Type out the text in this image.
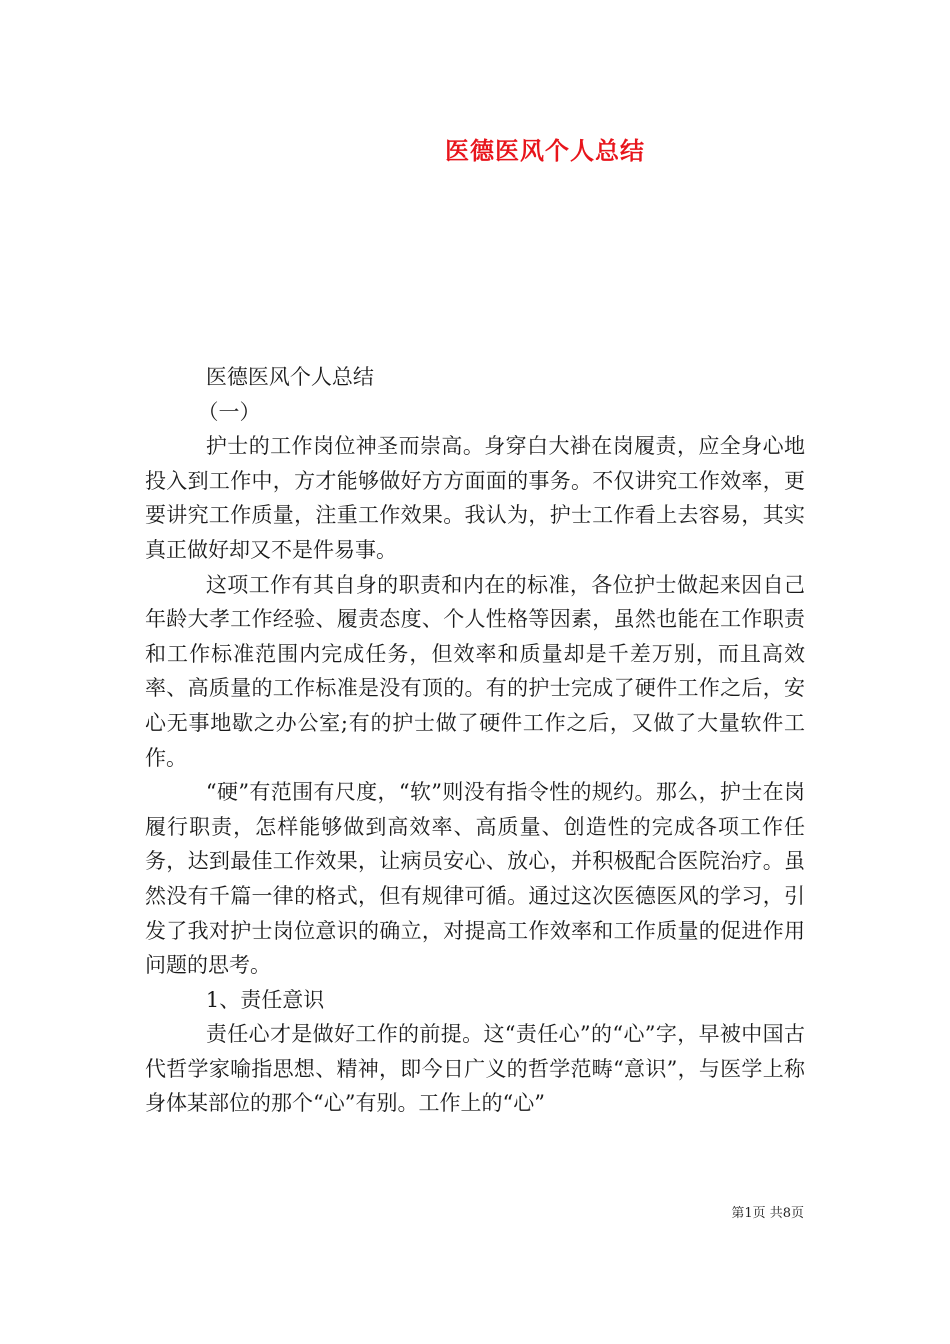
医德医风个人总结

医德医风个人总结

（一）

护士的工作岗位神圣而崇高。身穿白大褂在岗履责，应全身心地投入到工作中，方才能够做好方方面面的事务。不仅讲究工作效率，更要讲究工作质量，注重工作效果。我认为，护士工作看上去容易，其实真正做好却又不是件易事。

这项工作有其自身的职责和内在的标准，各位护士做起来因自己年龄大孝工作经验、履责态度、个人性格等因素，虽然也能在工作职责和工作标准范围内完成任务，但效率和质量却是千差万别，而且高效率、高质量的工作标准是没有顶的。有的护士完成了硬件工作之后，安心无事地歇之办公室;有的护士做了硬件工作之后，又做了大量软件工作。

“硬”有范围有尺度，“软”则没有指令性的规约。那么，护士在岗履行职责，怎样能够做到高效率、高质量、创造性的完成各项工作任务，达到最佳工作效果，让病员安心、放心，并积极配合医院治疗。虽然没有千篇一律的格式，但有规律可循。通过这次医德医风的学习，引发了我对护士岗位意识的确立，对提高工作效率和工作质量的促进作用问题的思考。

1、责任意识

责任心才是做好工作的前提。这“责任心”的“心”字，早被中国古代哲学家喻指思想、精神，即今日广义的哲学范畴“意识”，与医学上称身体某部位的那个“心”有别。工作上的“心”

第1页 共8页
